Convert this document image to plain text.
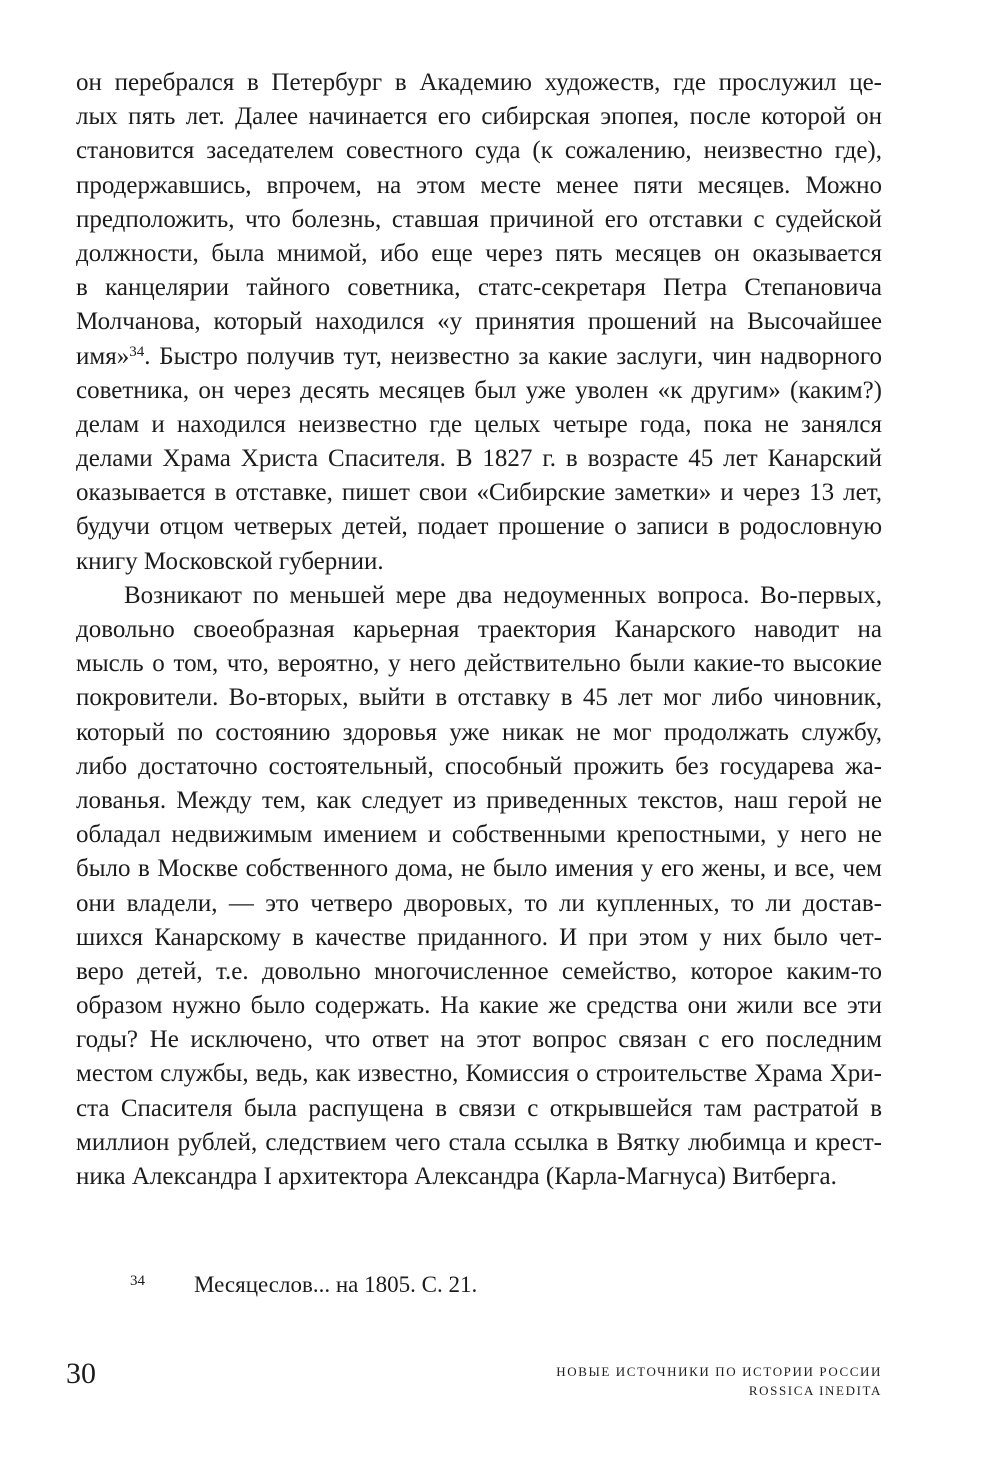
он перебрался в Петербург в Академию художеств, где прослужил це-
лых пять лет. Далее начинается его сибирская эпопея, после которой он
становится заседателем совестного суда (к сожалению, неизвестно где),
продержавшись, впрочем, на этом месте менее пяти месяцев. Можно
предположить, что болезнь, ставшая причиной его отставки с судейской
должности, была мнимой, ибо еще через пять месяцев он оказывается
в канцелярии тайного советника, статс-секретаря Петра Степановича
Молчанова, который находился «у принятия прошений на Высочайшее
имя»$^{34}$. Быстро получив тут, неизвестно за какие заслуги, чин надворного
советника, он через десять месяцев был уже уволен «к другим» (каким?)
делам и находился неизвестно где целых четыре года, пока не занялся
делами Храма Христа Спасителя. В 1827 г. в возрасте 45 лет Канарский
оказывается в отставке, пишет свои «Сибирские заметки» и через 13 лет,
будучи отцом четверых детей, подает прошение о записи в родословную
книгу Московской губернии.
Возникают по меньшей мере два недоуменных вопроса. Во-первых,
довольно своеобразная карьерная траектория Канарского наводит на
мысль о том, что, вероятно, у него действительно были какие-то высокие
покровители. Во-вторых, выйти в отставку в 45 лет мог либо чиновник,
который по состоянию здоровья уже никак не мог продолжать службу,
либо достаточно состоятельный, способный прожить без государева жа-
лованья. Между тем, как следует из приведенных текстов, наш герой не
обладал недвижимым имением и собственными крепостными, у него не
было в Москве собственного дома, не было имения у его жены, и все, чем
они владели, — это четверо дворовых, то ли купленных, то ли достав-
шихся Канарскому в качестве приданного. И при этом у них было чет-
веро детей, т.е. довольно многочисленное семейство, которое каким-то
образом нужно было содержать. На какие же средства они жили все эти
годы? Не исключено, что ответ на этот вопрос связан с его последним
местом службы, ведь, как известно, Комиссия о строительстве Храма Хри-
ста Спасителя была распущена в связи с открывшейся там растратой в
миллион рублей, следствием чего стала ссылка в Вятку любимца и крест-
ника Александра I архитектора Александра (Карла-Магнуса) Витберга.
34 Месяцеслов... на 1805. С. 21.
30	НОВЫЕ ИСТОЧНИКИ ПО ИСТОРИИ РОССИИ
ROSSICA INEDITA
